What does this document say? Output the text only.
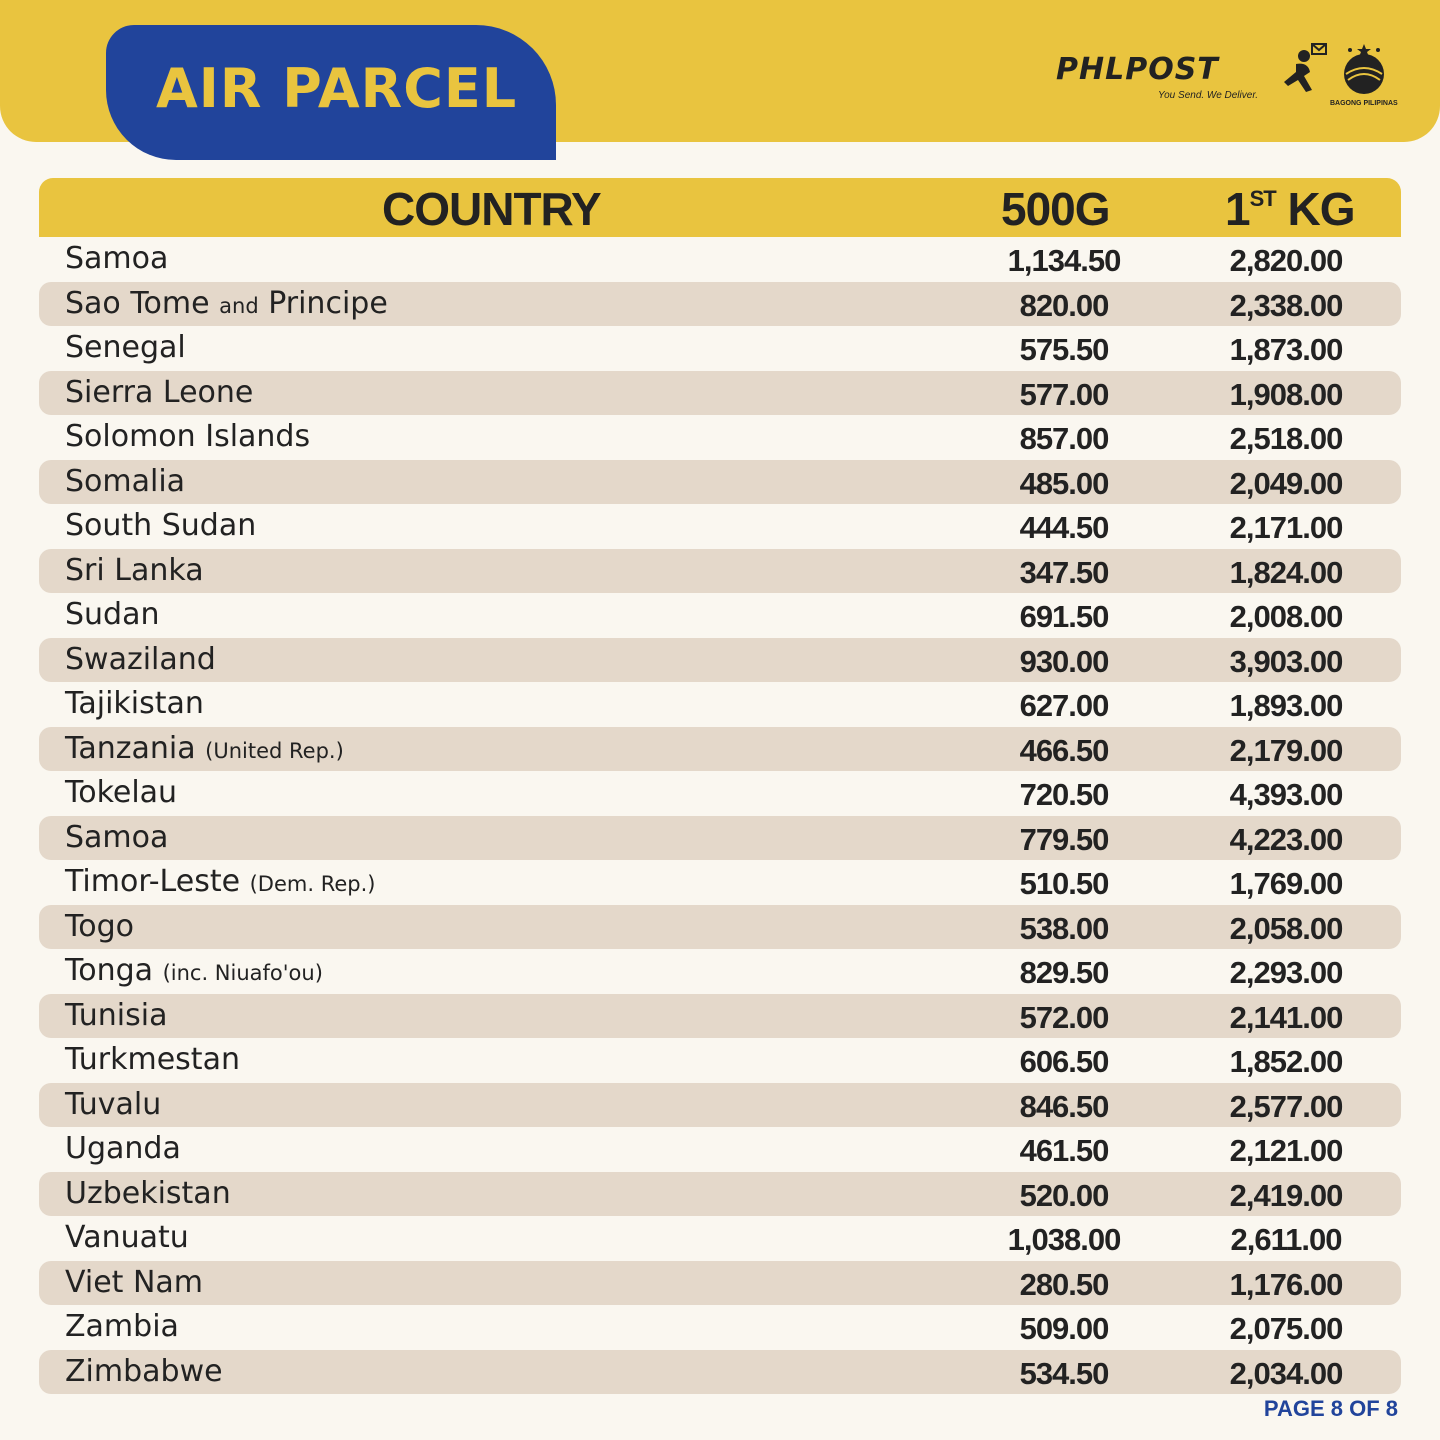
AIR PARCEL	PHLPOST
You Send. We Deliver.
BAGONG PILIPINAS
COUNTRY	500G	1ST KG
Samoa	1,134.50	2,820.00
Sao Tome and Principe	820.00	2,338.00
Senegal	575.50	1,873.00
Sierra Leone	577.00	1,908.00
Solomon Islands	857.00	2,518.00
Somalia	485.00	2,049.00
South Sudan	444.50	2,171.00
Sri Lanka	347.50	1,824.00
Sudan	691.50	2,008.00
Swaziland	930.00	3,903.00
Tajikistan	627.00	1,893.00
Tanzania (United Rep.)	466.50	2,179.00
Tokelau	720.50	4,393.00
Samoa	779.50	4,223.00
Timor-Leste (Dem. Rep.)	510.50	1,769.00
Togo	538.00	2,058.00
Tonga (inc. Niuafo'ou)	829.50	2,293.00
Tunisia	572.00	2,141.00
Turkmestan	606.50	1,852.00
Tuvalu	846.50	2,577.00
Uganda	461.50	2,121.00
Uzbekistan	520.00	2,419.00
Vanuatu	1,038.00	2,611.00
Viet Nam	280.50	1,176.00
Zambia	509.00	2,075.00
Zimbabwe	534.50	2,034.00
PAGE 8 OF 8
